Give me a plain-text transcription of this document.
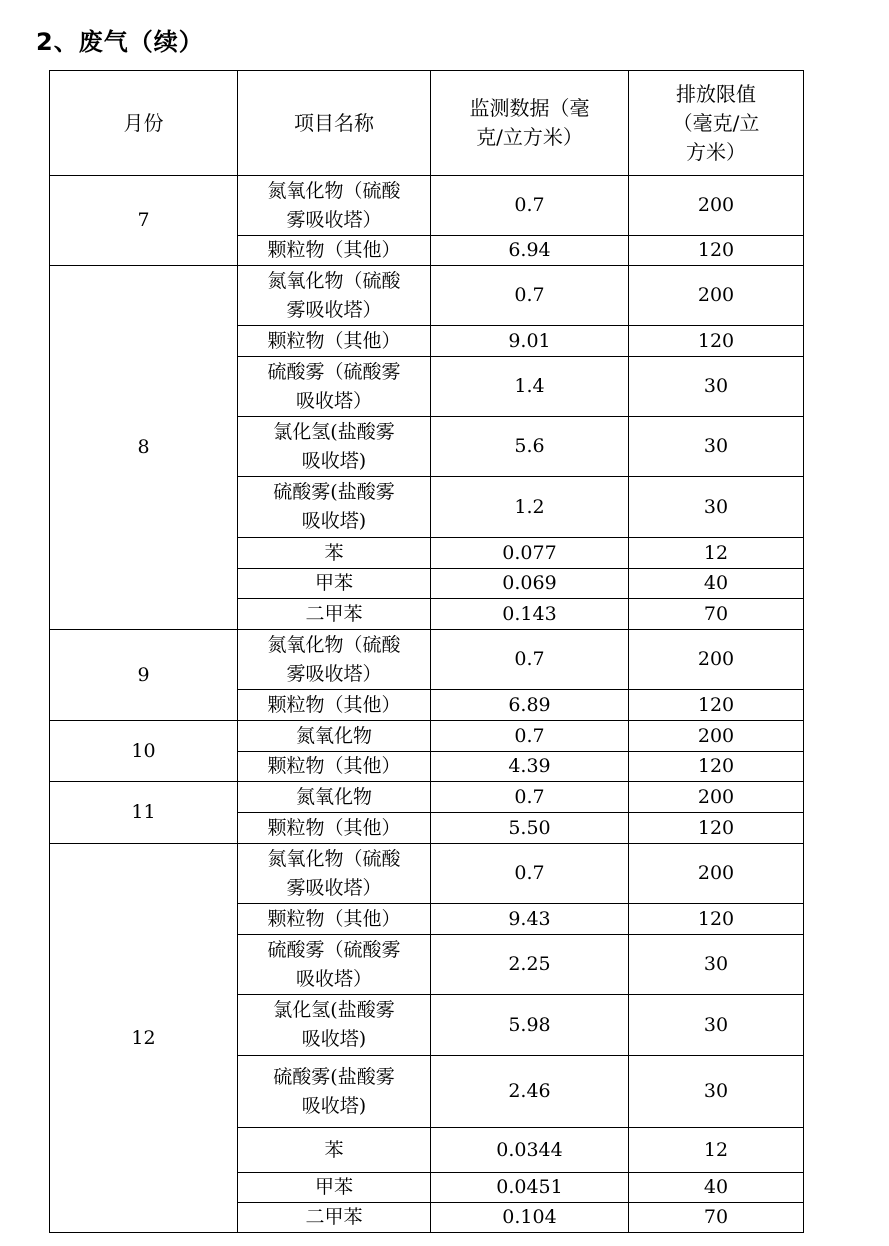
2、废气（续）
月份	项目名称	监测数据（毫克/立方米）	排放限值（毫克/立方米）
7	氮氧化物（硫酸雾吸收塔）	0.7	200
	颗粒物（其他）	6.94	120
8	氮氧化物（硫酸雾吸收塔）	0.7	200
	颗粒物（其他）	9.01	120
	硫酸雾（硫酸雾吸收塔）	1.4	30
	氯化氢(盐酸雾吸收塔)	5.6	30
	硫酸雾(盐酸雾吸收塔)	1.2	30
	苯	0.077	12
	甲苯	0.069	40
	二甲苯	0.143	70
9	氮氧化物（硫酸雾吸收塔）	0.7	200
	颗粒物（其他）	6.89	120
10	氮氧化物	0.7	200
	颗粒物（其他）	4.39	120
11	氮氧化物	0.7	200
	颗粒物（其他）	5.50	120
12	氮氧化物（硫酸雾吸收塔）	0.7	200
	颗粒物（其他）	9.43	120
	硫酸雾（硫酸雾吸收塔）	2.25	30
	氯化氢(盐酸雾吸收塔)	5.98	30
	硫酸雾(盐酸雾吸收塔)	2.46	30
	苯	0.0344	12
	甲苯	0.0451	40
	二甲苯	0.104	70
